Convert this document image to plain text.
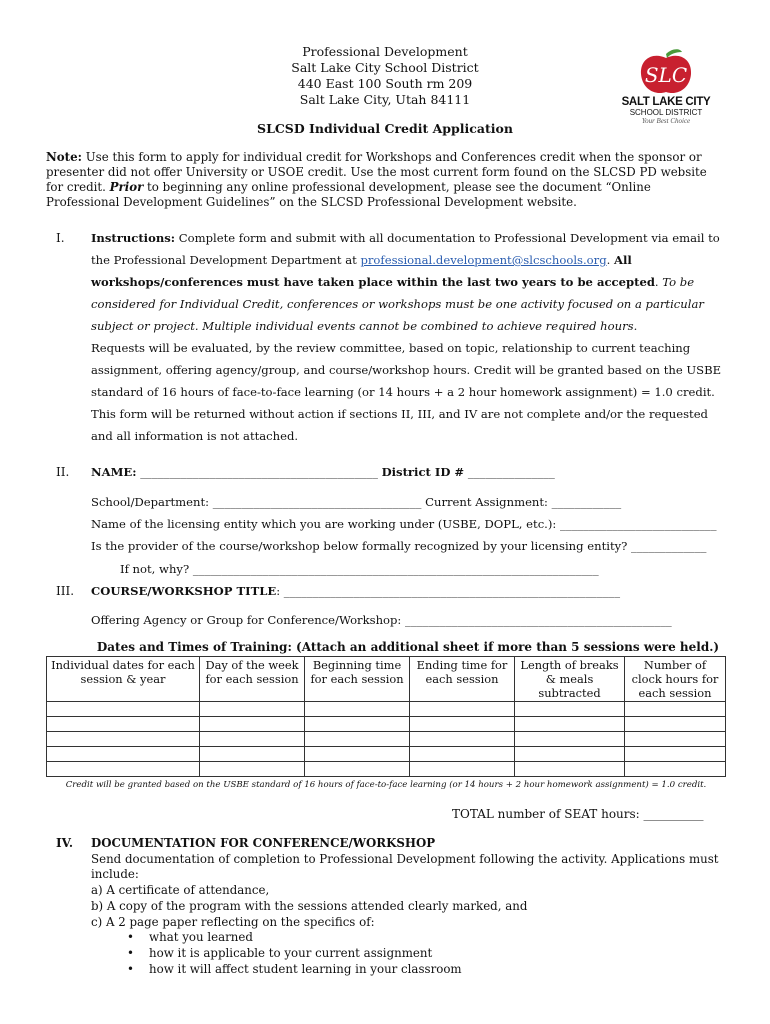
Professional Development
Salt Lake City School District
440 East 100 South rm 209
Salt Lake City, Utah 84111
SLC
SALT LAKE CITY
SCHOOL DISTRICT
Your Best Choice
SLCSD Individual Credit Application
Note: Use this form to apply for individual credit for Workshops and Conferences credit when the sponsor or presenter did not offer University or USOE credit. Use the most current form found on the SLCSD PD website for credit. Prior to beginning any online professional development, please see the document “Online Professional Development Guidelines” on the SLCSD Professional Development website.
I. Instructions: Complete form and submit with all documentation to Professional Development via email to the Professional Development Department at professional.development@slcschools.org. All workshops/conferences must have taken place within the last two years to be accepted. To be considered for Individual Credit, conferences or workshops must be one activity focused on a particular subject or project. Multiple individual events cannot be combined to achieve required hours.
Requests will be evaluated, by the review committee, based on topic, relationship to current teaching assignment, offering agency/group, and course/workshop hours. Credit will be granted based on the USBE standard of 16 hours of face-to-face learning (or 14 hours + a 2 hour homework assignment) = 1.0 credit.
This form will be returned without action if sections II, III, and IV are not complete and/or the requested and all information is not attached.
II. NAME: _________________________________________ District ID # _______________
School/Department: ____________________________________ Current Assignment: ____________
Name of the licensing entity which you are working under (USBE, DOPL, etc.): ___________________________
Is the provider of the course/workshop below formally recognized by your licensing entity? _____________
If not, why? ______________________________________________________________________
III. COURSE/WORKSHOP TITLE: __________________________________________________________
Offering Agency or Group for Conference/Workshop: ______________________________________________
Dates and Times of Training: (Attach an additional sheet if more than 5 sessions were held.)
Individual dates for each session & year	Day of the week for each session	Beginning time for each session	Ending time for each session	Length of breaks & meals subtracted	Number of clock hours for each session

Credit will be granted based on the USBE standard of 16 hours of face-to-face learning (or 14 hours + 2 hour homework assignment) = 1.0 credit.
TOTAL number of SEAT hours: __________
IV. DOCUMENTATION FOR CONFERENCE/WORKSHOP
Send documentation of completion to Professional Development following the activity. Applications must include:
a) A certificate of attendance,
b) A copy of the program with the sessions attended clearly marked, and
c) A 2 page paper reflecting on the specifics of:
• what you learned
• how it is applicable to your current assignment
• how it will affect student learning in your classroom
